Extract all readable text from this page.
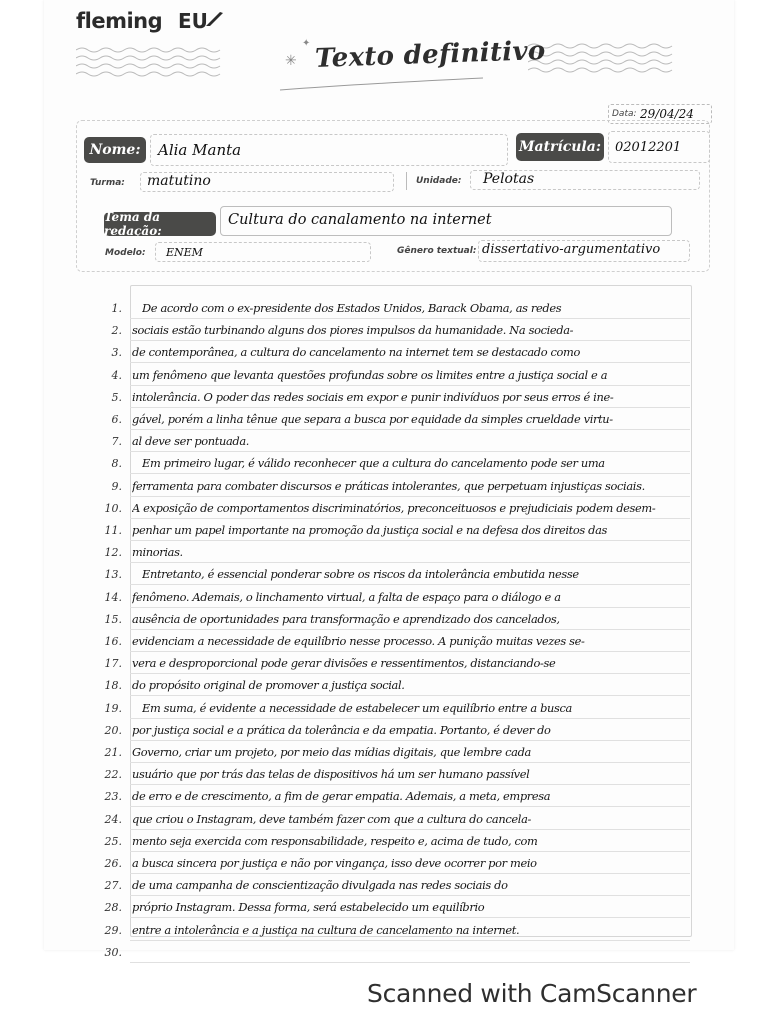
fleming EU
✳
✦ Texto definitivo
Data: 29/04/24
Nome:	Alia Manta	Matrícula: 02012201
Turma: matutino	Unidade: Pelotas
Tema da redação:
Cultura do canalamento na internet
Modelo: ENEM	Gênero textual: dissertativo-argumentativo
1. De acordo com o ex-presidente dos Estados Unidos, Barack Obama, as redes
2. sociais estão turbinando alguns dos piores impulsos da humanidade. Na socieda-
3. de contemporânea, a cultura do cancelamento na internet tem se destacado como
4. um fenômeno que levanta questões profundas sobre os limites entre a justiça social e a
5. intolerância. O poder das redes sociais em expor e punir indivíduos por seus erros é ine-
6. gável, porém a linha tênue que separa a busca por equidade da simples crueldade virtu-
7. al deve ser pontuada.
8. Em primeiro lugar, é válido reconhecer que a cultura do cancelamento pode ser uma
9. ferramenta para combater discursos e práticas intolerantes, que perpetuam injustiças sociais.
10. A exposição de comportamentos discriminatórios, preconceituosos e prejudiciais podem desem-
11. penhar um papel importante na promoção da justiça social e na defesa dos direitos das
12. minorias.
13. Entretanto, é essencial ponderar sobre os riscos da intolerância embutida nesse
14. fenômeno. Ademais, o linchamento virtual, a falta de espaço para o diálogo e a
15. ausência de oportunidades para transformação e aprendizado dos cancelados,
16. evidenciam a necessidade de equilíbrio nesse processo. A punição muitas vezes se-
17. vera e desproporcional pode gerar divisões e ressentimentos, distanciando-se
18. do propósito original de promover a justiça social.
19. Em suma, é evidente a necessidade de estabelecer um equilíbrio entre a busca
20. por justiça social e a prática da tolerância e da empatia. Portanto, é dever do
21. Governo, criar um projeto, por meio das mídias digitais, que lembre cada
22. usuário que por trás das telas de dispositivos há um ser humano passível
23. de erro e de crescimento, a fim de gerar empatia. Ademais, a meta, empresa
24. que criou o Instagram, deve também fazer com que a cultura do cancela-
25. mento seja exercida com responsabilidade, respeito e, acima de tudo, com
26. a busca sincera por justiça e não por vingança, isso deve ocorrer por meio
27. de uma campanha de conscientização divulgada nas redes sociais do
28. próprio Instagram. Dessa forma, será estabelecido um equilíbrio
29. entre a intolerância e a justiça na cultura de cancelamento na internet.
30.
Scanned with CamScanner
